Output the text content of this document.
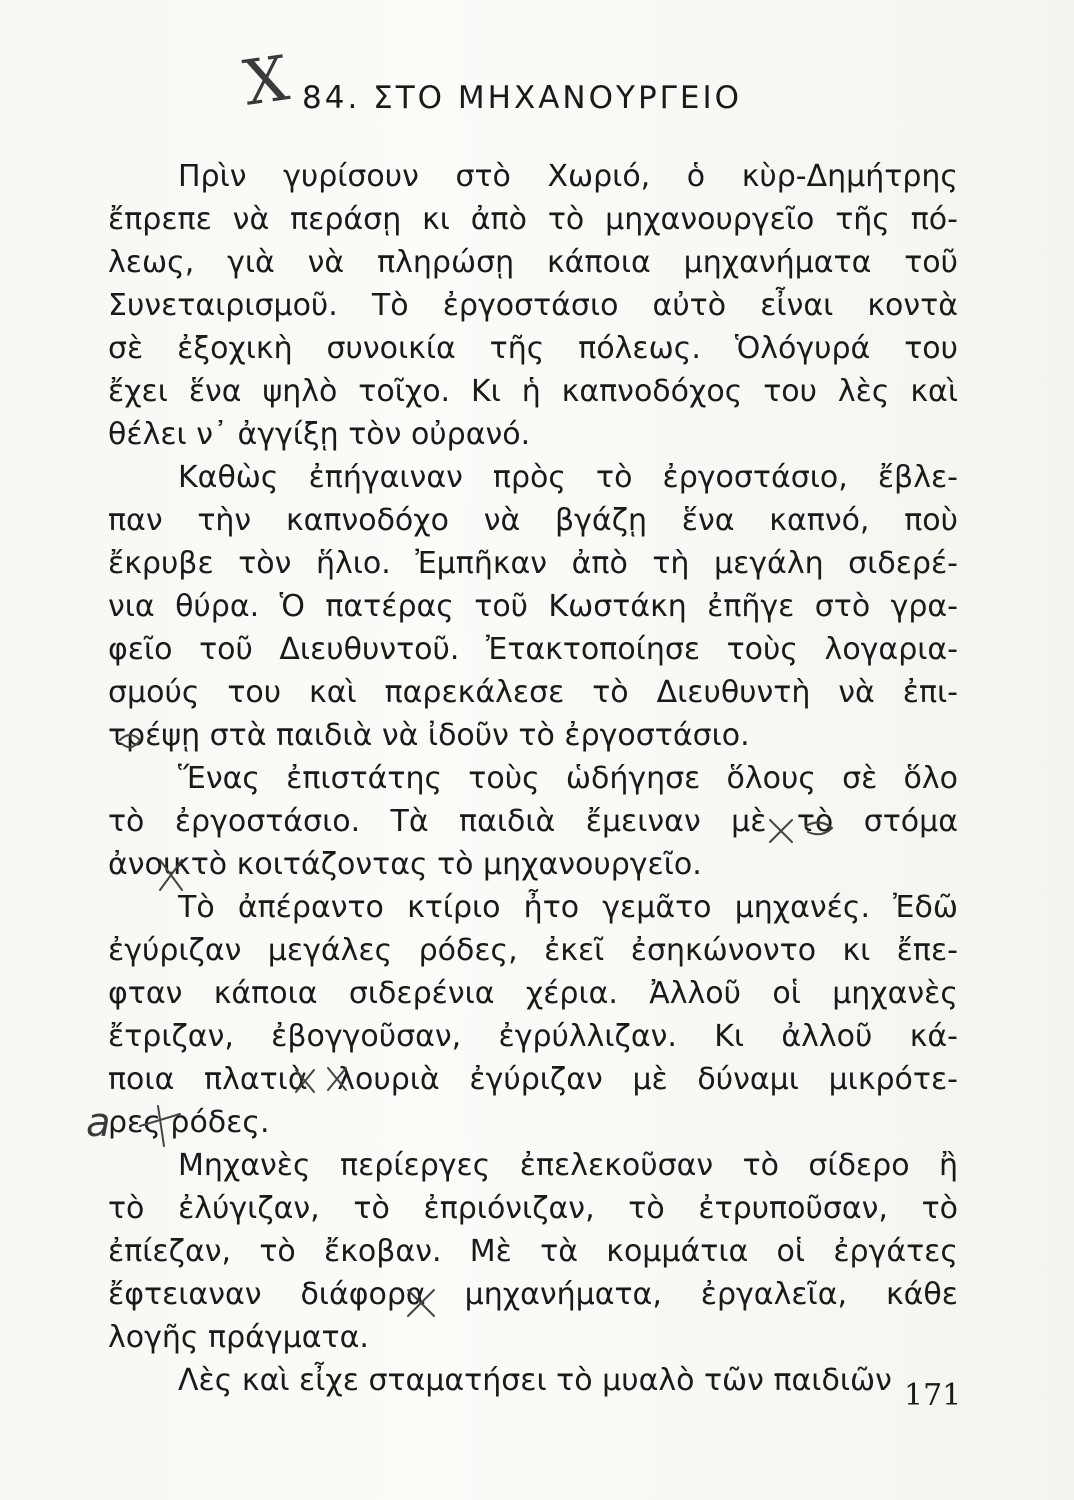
84. ΣΤΟ ΜΗΧΑΝΟΥΡΓΕΙΟ
Πρὶν γυρίσουν στὸ Χωριό, ὁ κὺρ-Δημήτρης
ἔπρεπε νὰ περάσῃ κι ἀπὸ τὸ μηχανουργεῖο τῆς πό-
λεως, γιὰ νὰ πληρώσῃ κάποια μηχανήματα τοῦ
Συνεταιρισμοῦ. Τὸ ἐργοστάσιο αὐτὸ εἶναι κοντὰ
σὲ ἐξοχικὴ συνοικία τῆς πόλεως. Ὁλόγυρά του
ἔχει ἕνα ψηλὸ τοῖχο. Κι ἡ καπνοδόχος του λὲς καὶ
θέλει ν᾽ ἀγγίξῃ τὸν οὐρανό.
Καθὼς ἐπήγαιναν πρὸς τὸ ἐργοστάσιο, ἔβλε-
παν τὴν καπνοδόχο νὰ βγάζῃ ἕνα καπνό, ποὺ
ἔκρυβε τὸν ἥλιο. Ἐμπῆκαν ἀπὸ τὴ μεγάλη σιδερέ-
νια θύρα. Ὁ πατέρας τοῦ Κωστάκη ἐπῆγε στὸ γρα-
φεῖο τοῦ Διευθυντοῦ. Ἐτακτοποίησε τοὺς λογαρια-
σμούς του καὶ παρεκάλεσε τὸ Διευθυντὴ νὰ ἐπι-
τρέψῃ στὰ παιδιὰ νὰ ἰδοῦν τὸ ἐργοστάσιο.
Ἕνας ἐπιστάτης τοὺς ὡδήγησε ὅλους σὲ ὅλο
τὸ ἐργοστάσιο. Τὰ παιδιὰ ἔμειναν μὲ τὸ στόμα
ἀνοικτὸ κοιτάζοντας τὸ μηχανουργεῖο.
Τὸ ἀπέραντο κτίριο ἦτο γεμᾶτο μηχανές. Ἐδῶ
ἐγύριζαν μεγάλες ρόδες, ἐκεῖ ἐσηκώνοντο κι ἔπε-
φταν κάποια σιδερένια χέρια. Ἀλλοῦ οἱ μηχανὲς
ἔτριζαν, ἐβογγοῦσαν, ἐγρύλλιζαν. Κι ἀλλοῦ κά-
ποια πλατιὰ λουριὰ ἐγύριζαν μὲ δύναμι μικρότε-
ρες ρόδες.
Μηχανὲς περίεργες ἐπελεκοῦσαν τὸ σίδερο ἢ
τὸ ἐλύγιζαν, τὸ ἐπριόνιζαν, τὸ ἐτρυποῦσαν, τὸ
ἐπίεζαν, τὸ ἔκοβαν. Μὲ τὰ κομμάτια οἱ ἐργάτες
ἔφτειαναν διάφορα μηχανήματα, ἐργαλεῖα, κάθε
λογῆς πράγματα.
Λὲς καὶ εἶχε σταματήσει τὸ μυαλὸ τῶν παιδιῶν 171
X
a
